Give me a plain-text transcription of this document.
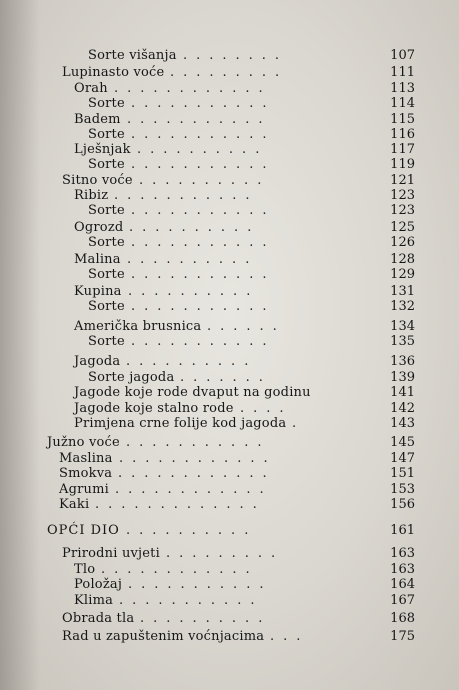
Sorte višanja ........	107
Lupinasto voće .........	111
Orah ............	113
Sorte ...........	114
Badem ...........	115
Sorte ...........	116
Lješnjak ..........	117
Sorte ...........	119
Sitno voće ..........	121
Ribiz ...........	123
Sorte ...........	123
Ogrozd ..........	125
Sorte ...........	126
Malina ..........	128
Sorte ...........	129
Kupina ..........	131
Sorte ...........	132
Američka brusnica ......	134
Sorte ...........	135
Jagoda ..........	136
Sorte jagoda .......	139
Jagode koje rode dvaput na godinu	141
Jagode koje stalno rode ....	142
Primjena crne folije kod jagoda .	143
Južno voće ...........	145
Maslina ............	147
Smokva ............	151
Agrumi ............	153
Kaki .............	156
OPĆI DIO ..........	161
Prirodni uvjeti .........	163
Tlo ............	163
Položaj ...........	164
Klima ...........	167
Obrada tla ..........	168
Rad u zapuštenim voćnjacima ...	175
